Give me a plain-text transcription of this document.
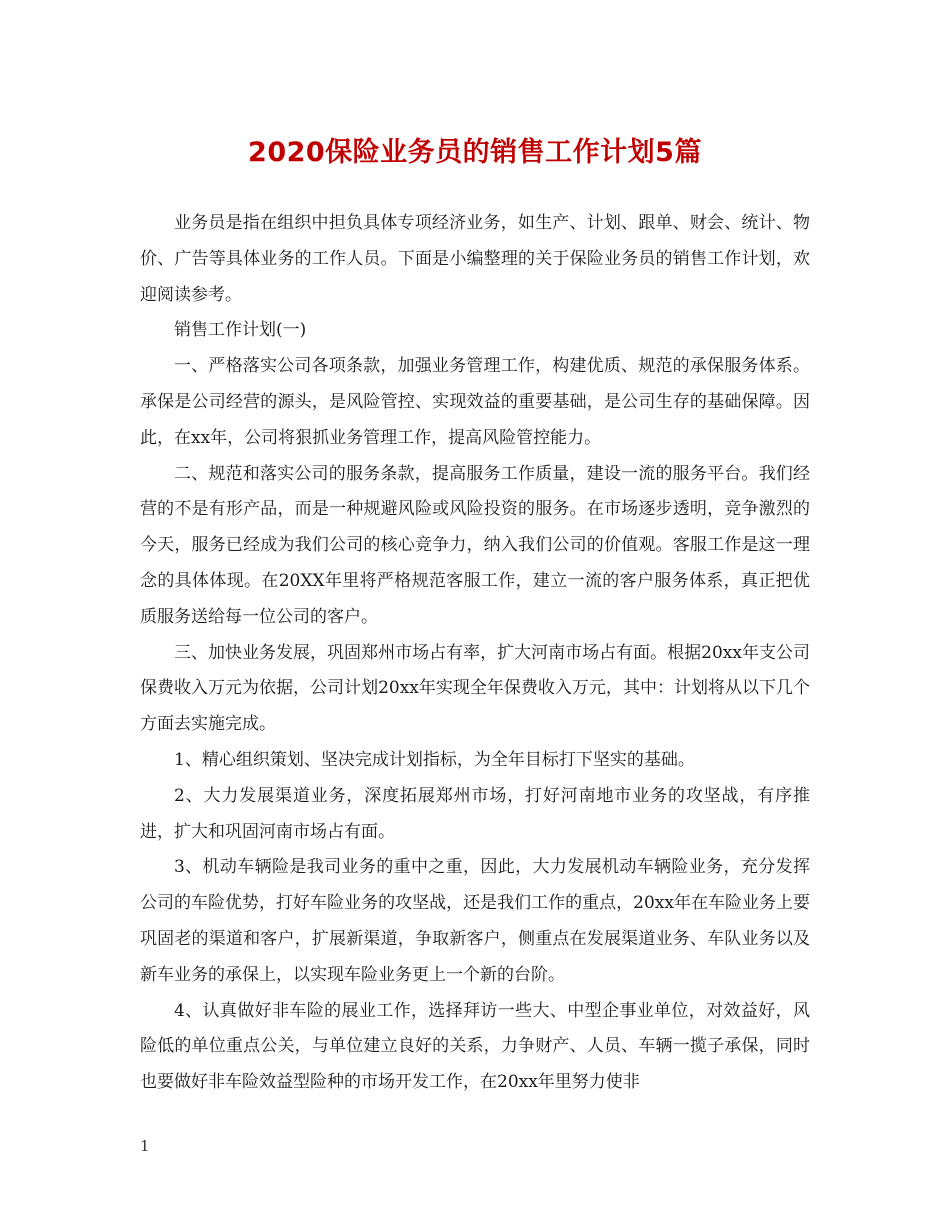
2020保险业务员的销售工作计划5篇

业务员是指在组织中担负具体专项经济业务，如生产、计划、跟单、财会、统计、物价、广告等具体业务的工作人员。下面是小编整理的关于保险业务员的销售工作计划，欢迎阅读参考。

销售工作计划(一)

一、严格落实公司各项条款，加强业务管理工作，构建优质、规范的承保服务体系。承保是公司经营的源头，是风险管控、实现效益的重要基础，是公司生存的基础保障。因此，在xx年，公司将狠抓业务管理工作，提高风险管控能力。

二、规范和落实公司的服务条款，提高服务工作质量，建设一流的服务平台。我们经营的不是有形产品，而是一种规避风险或风险投资的服务。在市场逐步透明，竞争激烈的今天，服务已经成为我们公司的核心竞争力，纳入我们公司的价值观。客服工作是这一理念的具体体现。在20XX年里将严格规范客服工作，建立一流的客户服务体系，真正把优质服务送给每一位公司的客户。

三、加快业务发展，巩固郑州市场占有率，扩大河南市场占有面。根据20xx年支公司保费收入万元为依据，公司计划20xx年实现全年保费收入万元，其中：计划将从以下几个方面去实施完成。

1、精心组织策划、坚决完成计划指标，为全年目标打下坚实的基础。

2、大力发展渠道业务，深度拓展郑州市场，打好河南地市业务的攻坚战，有序推进，扩大和巩固河南市场占有面。

3、机动车辆险是我司业务的重中之重，因此，大力发展机动车辆险业务，充分发挥公司的车险优势，打好车险业务的攻坚战，还是我们工作的重点，20xx年在车险业务上要巩固老的渠道和客户，扩展新渠道，争取新客户，侧重点在发展渠道业务、车队业务以及新车业务的承保上，以实现车险业务更上一个新的台阶。

4、认真做好非车险的展业工作，选择拜访一些大、中型企事业单位，对效益好，风险低的单位重点公关，与单位建立良好的关系，力争财产、人员、车辆一揽子承保，同时也要做好非车险效益型险种的市场开发工作，在20xx年里努力使非

1
